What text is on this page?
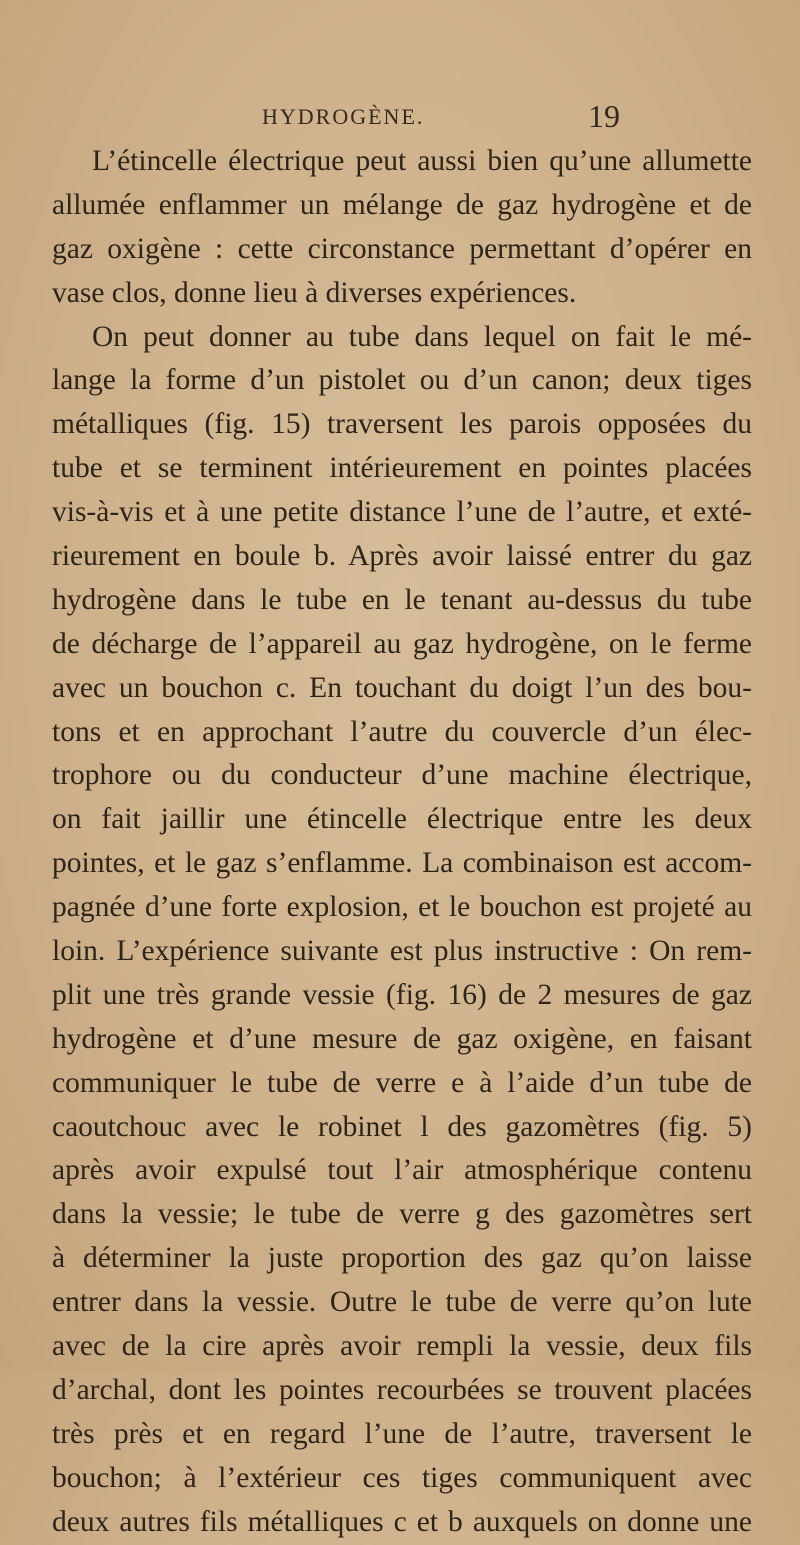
HYDROGÈNE.	19
L’étincelle électrique peut aussi bien qu’une allumette
allumée enflammer un mélange de gaz hydrogène et de
gaz oxigène : cette circonstance permettant d’opérer en
vase clos, donne lieu à diverses expériences.
On peut donner au tube dans lequel on fait le mé-
lange la forme d’un pistolet ou d’un canon; deux tiges
métalliques (fig. 15) traversent les parois opposées du
tube et se terminent intérieurement en pointes placées
vis-à-vis et à une petite distance l’une de l’autre, et exté-
rieurement en boule b. Après avoir laissé entrer du gaz
hydrogène dans le tube en le tenant au-dessus du tube
de décharge de l’appareil au gaz hydrogène, on le ferme
avec un bouchon c. En touchant du doigt l’un des bou-
tons et en approchant l’autre du couvercle d’un élec-
trophore ou du conducteur d’une machine électrique,
on fait jaillir une étincelle électrique entre les deux
pointes, et le gaz s’enflamme. La combinaison est accom-
pagnée d’une forte explosion, et le bouchon est projeté au
loin. L’expérience suivante est plus instructive : On rem-
plit une très grande vessie (fig. 16) de 2 mesures de gaz
hydrogène et d’une mesure de gaz oxigène, en faisant
communiquer le tube de verre e à l’aide d’un tube de
caoutchouc avec le robinet l des gazomètres (fig. 5)
après avoir expulsé tout l’air atmosphérique contenu
dans la vessie; le tube de verre g des gazomètres sert
à déterminer la juste proportion des gaz qu’on laisse
entrer dans la vessie. Outre le tube de verre qu’on lute
avec de la cire après avoir rempli la vessie, deux fils
d’archal, dont les pointes recourbées se trouvent placées
très près et en regard l’une de l’autre, traversent le
bouchon; à l’extérieur ces tiges communiquent avec
deux autres fils métalliques c et b auxquels on donne une
